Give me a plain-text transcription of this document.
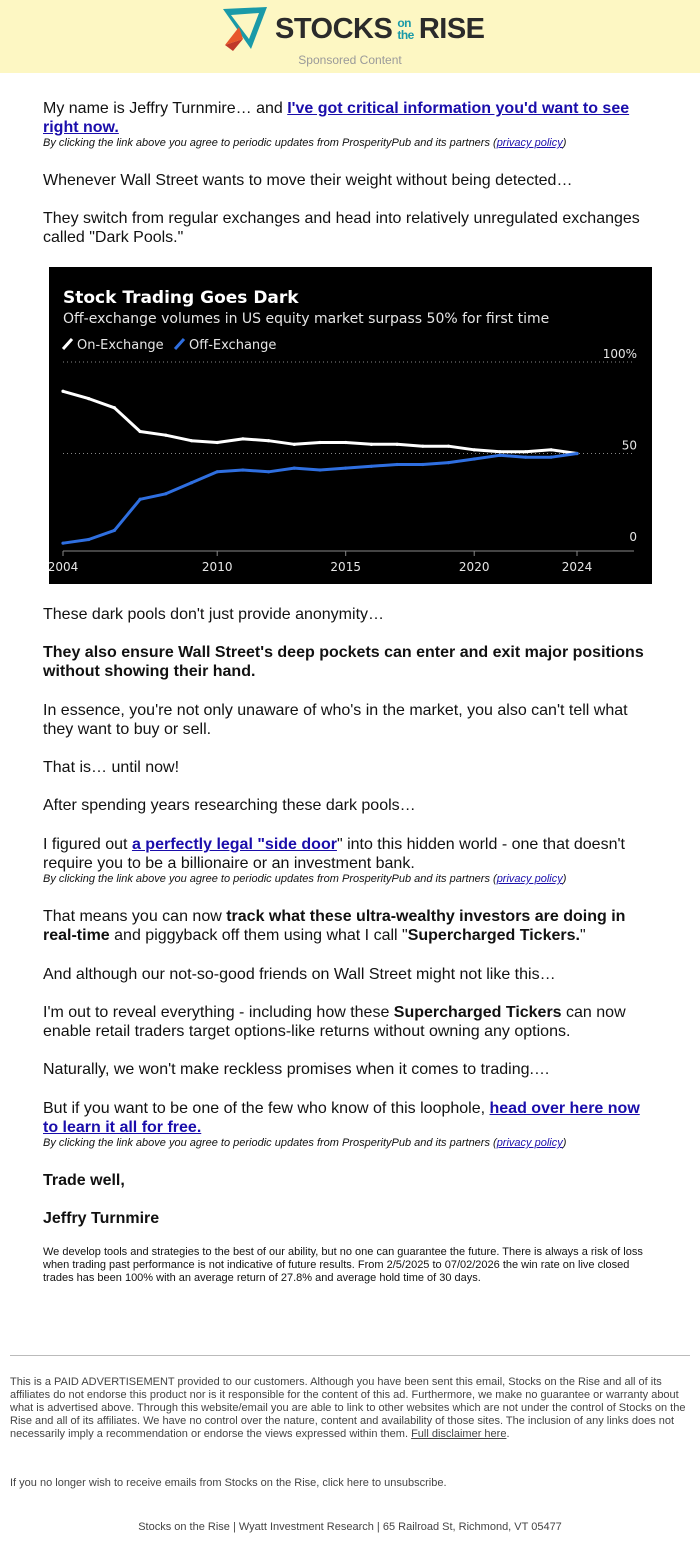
STOCKS on
the RISE
Sponsored Content

My name is Jeffry Turnmire… and I've got critical information you'd want to see right now.

By clicking the link above you agree to periodic updates from ProsperityPub and its partners (privacy policy)

Whenever Wall Street wants to move their weight without being detected…

They switch from regular exchanges and head into relatively unregulated exchanges called "Dark Pools."

Stock Trading Goes Dark
Off-exchange volumes in US equity market surpass 50% for first time
On-Exchange Off-Exchange
0
50
100%
2004	2010	2015	2020	2024

These dark pools don't just provide anonymity…

They also ensure Wall Street's deep pockets can enter and exit major positions without showing their hand.

In essence, you're not only unaware of who's in the market, you also can't tell what they want to buy or sell.

That is… until now!

After spending years researching these dark pools…

I figured out a perfectly legal "side door" into this hidden world - one that doesn't require you to be a billionaire or an investment bank.

By clicking the link above you agree to periodic updates from ProsperityPub and its partners (privacy policy)

That means you can now track what these ultra-wealthy investors are doing in real-time and piggyback off them using what I call "Supercharged Tickers."

And although our not-so-good friends on Wall Street might not like this…

I'm out to reveal everything - including how these Supercharged Tickers can now enable retail traders target options-like returns without owning any options.

Naturally, we won't make reckless promises when it comes to trading.…

But if you want to be one of the few who know of this loophole, head over here now to learn it all for free.

By clicking the link above you agree to periodic updates from ProsperityPub and its partners (privacy policy)

Trade well,

Jeffry Turnmire

We develop tools and strategies to the best of our ability, but no one can guarantee the future. There is always a risk of loss when trading past performance is not indicative of future results. From 2/5/2025 to 07/02/2026 the win rate on live closed trades has been 100% with an average return of 27.8% and average hold time of 30 days.
This is a PAID ADVERTISEMENT provided to our customers. Although you have been sent this email, Stocks on the Rise and all of its affiliates do not endorse this product nor is it responsible for the content of this ad. Furthermore, we make no guarantee or warranty about what is advertised above. Through this website/email you are able to link to other websites which are not under the control of Stocks on the Rise and all of its affiliates. We have no control over the nature, content and availability of those sites. The inclusion of any links does not necessarily imply a recommendation or endorse the views expressed within them. Full disclaimer here.
If you no longer wish to receive emails from Stocks on the Rise, click here to unsubscribe.
Stocks on the Rise | Wyatt Investment Research | 65 Railroad St, Richmond, VT 05477
